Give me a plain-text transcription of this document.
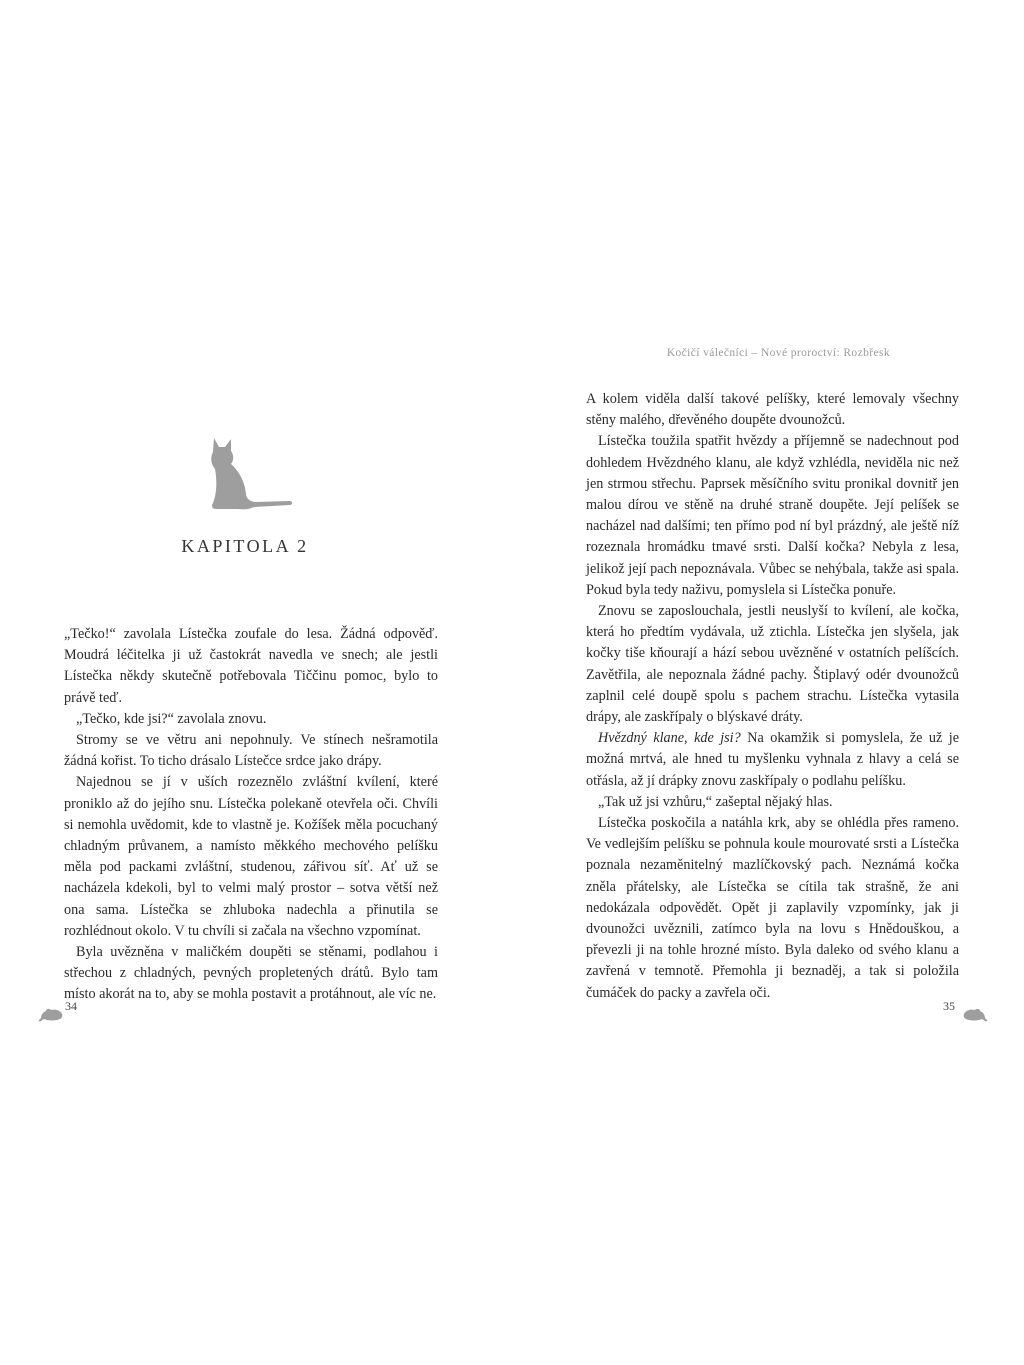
KAPITOLA 2

„Tečko!“ zavolala Lístečka zoufale do lesa. Žádná odpověď. Moudrá léčitelka ji už častokrát navedla ve snech; ale jestli Lístečka někdy skutečně potřebovala Tiččinu pomoc, bylo to právě teď.

„Tečko, kde jsi?“ zavolala znovu.

Stromy se ve větru ani nepohnuly. Ve stínech nešramotila žádná kořist. To ticho drásalo Lístečce srdce jako drápy.

Najednou se jí v uších rozeznělo zvláštní kvílení, které proniklo až do jejího snu. Lístečka polekaně otevřela oči. Chvíli si nemohla uvědomit, kde to vlastně je. Kožíšek měla pocuchaný chladným průvanem, a namísto měkkého mechového pelíšku měla pod packami zvláštní, studenou, zářivou síť. Ať už se nacházela kdekoli, byl to velmi malý prostor – sotva větší než ona sama. Lístečka se zhluboka nadechla a přinutila se rozhlédnout okolo. V tu chvíli si začala na všechno vzpomínat.

Byla uvězněna v maličkém doupěti se stěnami, podlahou i střechou z chladných, pevných propletených drátů. Bylo tam místo akorát na to, aby se mohla postavit a protáhnout, ale víc ne.

34
Kočičí válečníci – Nové proroctví: Rozbřesk

A kolem viděla další takové pelíšky, které lemovaly všechny stěny malého, dřevěného doupěte dvounožců.

Lístečka toužila spatřit hvězdy a příjemně se nadechnout pod dohledem Hvězdného klanu, ale když vzhlédla, neviděla nic než jen strmou střechu. Paprsek měsíčního svitu pronikal dovnitř jen malou dírou ve stěně na druhé straně doupěte. Její pelíšek se nacházel nad dalšími; ten přímo pod ní byl prázdný, ale ještě níž rozeznala hromádku tmavé srsti. Další kočka? Nebyla z lesa, jelikož její pach nepoznávala. Vůbec se nehýbala, takže asi spala. Pokud byla tedy naživu, pomyslela si Lístečka ponuře.

Znovu se zaposlouchala, jestli neuslyší to kvílení, ale kočka, která ho předtím vydávala, už ztichla. Lístečka jen slyšela, jak kočky tiše kňourají a hází sebou uvězněné v ostatních pelíšcích. Zavětřila, ale nepoznala žádné pachy. Štiplavý odér dvounožců zaplnil celé doupě spolu s pachem strachu. Lístečka vytasila drápy, ale zaskřípaly o blýskavé dráty.

Hvězdný klane, kde jsi? Na okamžik si pomyslela, že už je možná mrtvá, ale hned tu myšlenku vyhnala z hlavy a celá se otřásla, až jí drápky znovu zaskřípaly o podlahu pelíšku.

„Tak už jsi vzhůru,“ zašeptal nějaký hlas.

Lístečka poskočila a natáhla krk, aby se ohlédla přes rameno. Ve vedlejším pelíšku se pohnula koule mourovaté srsti a Lístečka poznala nezaměnitelný mazlíčkovský pach. Neznámá kočka zněla přátelsky, ale Lístečka se cítila tak strašně, že ani nedokázala odpovědět. Opět ji zaplavily vzpomínky, jak ji dvounožci uvěznili, zatímco byla na lovu s Hnědouškou, a převezli ji na tohle hrozné místo. Byla daleko od svého klanu a zavřená v temnotě. Přemohla ji beznaděj, a tak si položila čumáček do packy a zavřela oči.

35
